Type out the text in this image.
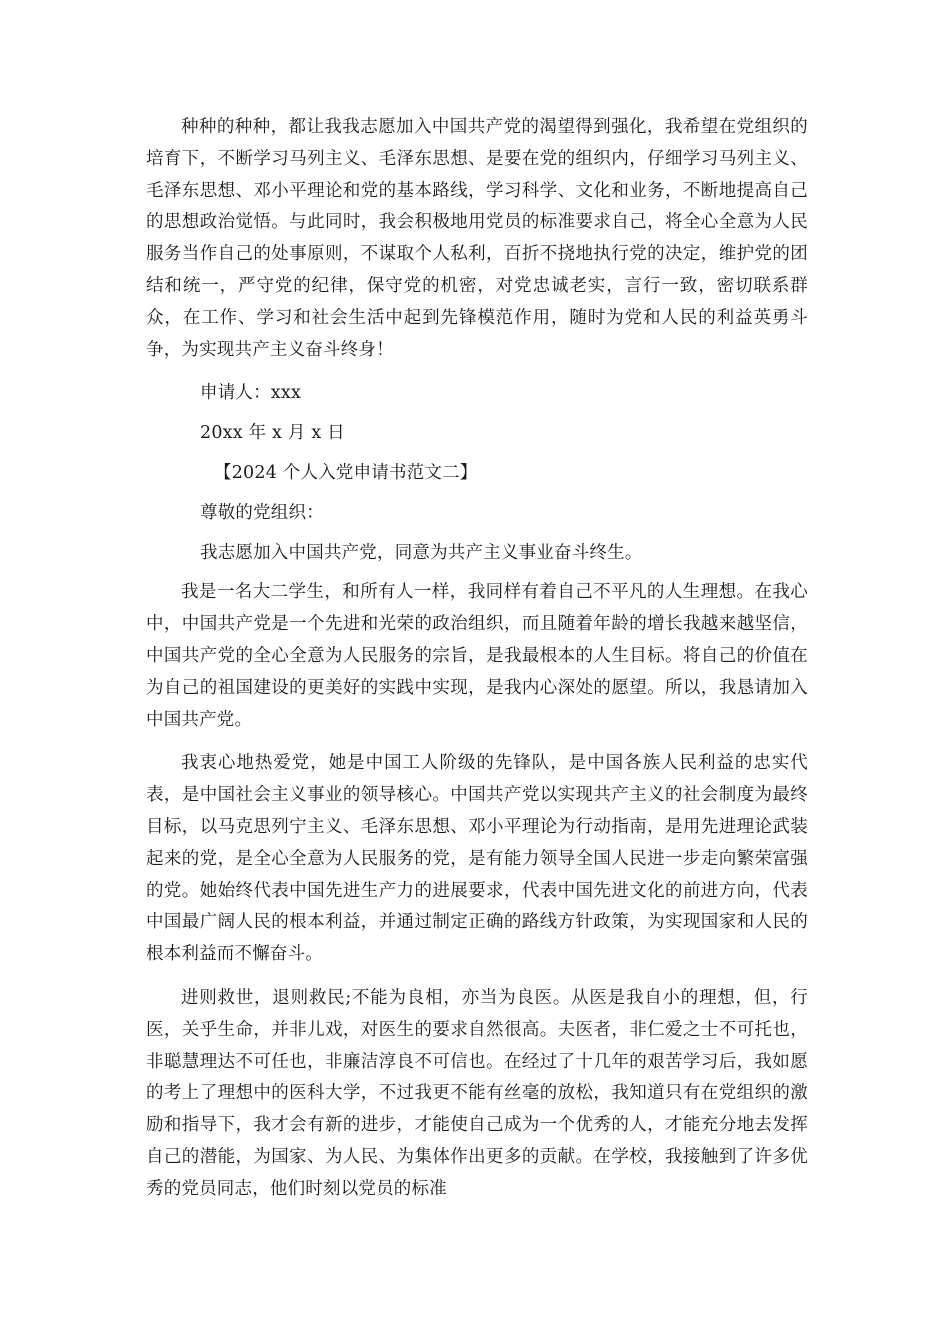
种种的种种，都让我我志愿加入中国共产党的渴望得到强化，我希望在党组织的培育下，不断学习马列主义、毛泽东思想、是要在党的组织内，仔细学习马列主义、毛泽东思想、邓小平理论和党的基本路线，学习科学、文化和业务，不断地提高自己的思想政治觉悟。与此同时，我会积极地用党员的标准要求自己，将全心全意为人民服务当作自己的处事原则，不谋取个人私利，百折不挠地执行党的决定，维护党的团结和统一，严守党的纪律，保守党的机密，对党忠诚老实，言行一致，密切联系群众，在工作、学习和社会生活中起到先锋模范作用，随时为党和人民的利益英勇斗争，为实现共产主义奋斗终身！

申请人：xxx

20xx 年 x 月 x 日

【2024 个人入党申请书范文二】

尊敬的党组织：

我志愿加入中国共产党，同意为共产主义事业奋斗终生。

我是一名大二学生，和所有人一样，我同样有着自己不平凡的人生理想。在我心中，中国共产党是一个先进和光荣的政治组织，而且随着年龄的增长我越来越坚信，中国共产党的全心全意为人民服务的宗旨，是我最根本的人生目标。将自己的价值在为自己的祖国建设的更美好的实践中实现，是我内心深处的愿望。所以，我恳请加入中国共产党。

我衷心地热爱党，她是中国工人阶级的先锋队，是中国各族人民利益的忠实代表，是中国社会主义事业的领导核心。中国共产党以实现共产主义的社会制度为最终目标，以马克思列宁主义、毛泽东思想、邓小平理论为行动指南，是用先进理论武装起来的党，是全心全意为人民服务的党，是有能力领导全国人民进一步走向繁荣富强的党。她始终代表中国先进生产力的进展要求，代表中国先进文化的前进方向，代表中国最广阔人民的根本利益，并通过制定正确的路线方针政策，为实现国家和人民的根本利益而不懈奋斗。

进则救世，退则救民;不能为良相，亦当为良医。从医是我自小的理想，但，行医，关乎生命，并非儿戏，对医生的要求自然很高。夫医者，非仁爱之士不可托也，非聪慧理达不可任也，非廉洁淳良不可信也。在经过了十几年的艰苦学习后，我如愿的考上了理想中的医科大学，不过我更不能有丝毫的放松，我知道只有在党组织的激励和指导下，我才会有新的进步，才能使自己成为一个优秀的人，才能充分地去发挥自己的潜能，为国家、为人民、为集体作出更多的贡献。在学校，我接触到了许多优秀的党员同志，他们时刻以党员的标准
